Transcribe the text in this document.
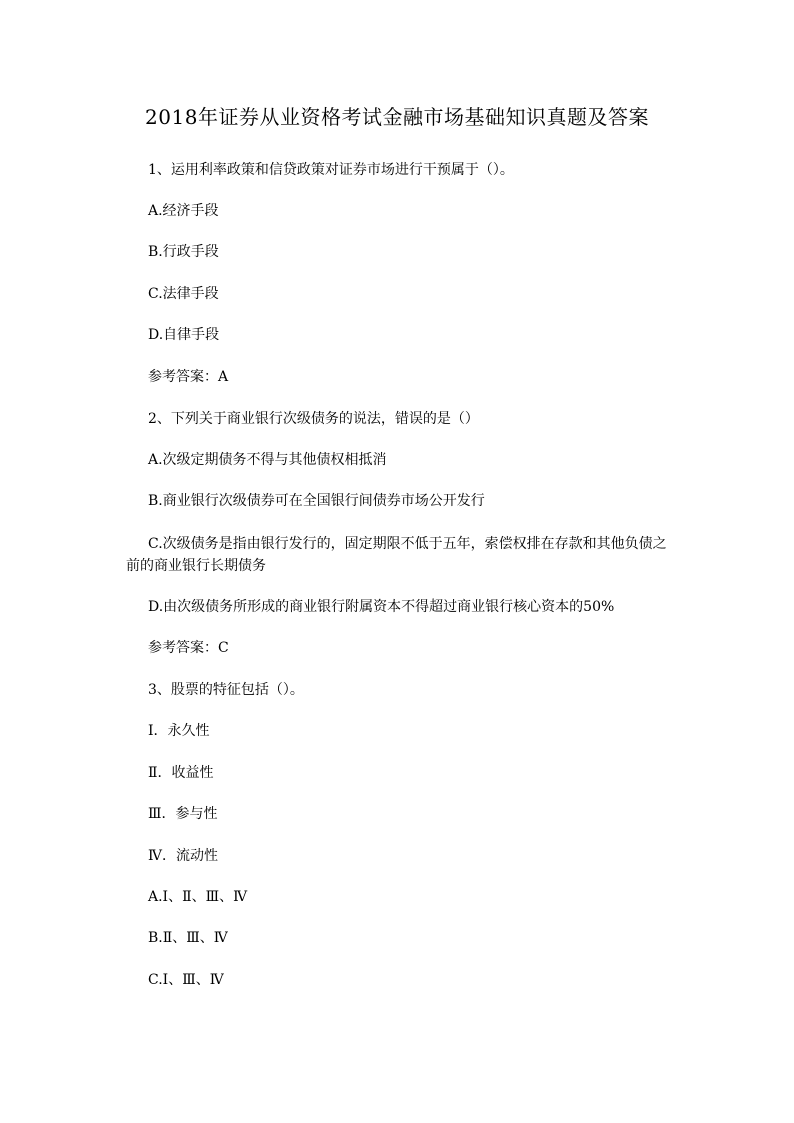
2018年证券从业资格考试金融市场基础知识真题及答案
1、运用利率政策和信贷政策对证券市场进行干预属于（）。
A.经济手段
B.行政手段
C.法律手段
D.自律手段
参考答案：A
2、下列关于商业银行次级债务的说法，错误的是（）
A.次级定期债务不得与其他债权相抵消
B.商业银行次级债券可在全国银行间债券市场公开发行
C.次级债务是指由银行发行的，固定期限不低于五年，索偿权排在存款和其他负债之前的商业银行长期债务
D.由次级债务所形成的商业银行附属资本不得超过商业银行核心资本的50%
参考答案：C
3、股票的特征包括（）。
Ⅰ．永久性
Ⅱ．收益性
Ⅲ．参与性
Ⅳ．流动性
A.Ⅰ、Ⅱ、Ⅲ、Ⅳ
B.Ⅱ、Ⅲ、Ⅳ
C.Ⅰ、Ⅲ、Ⅳ
